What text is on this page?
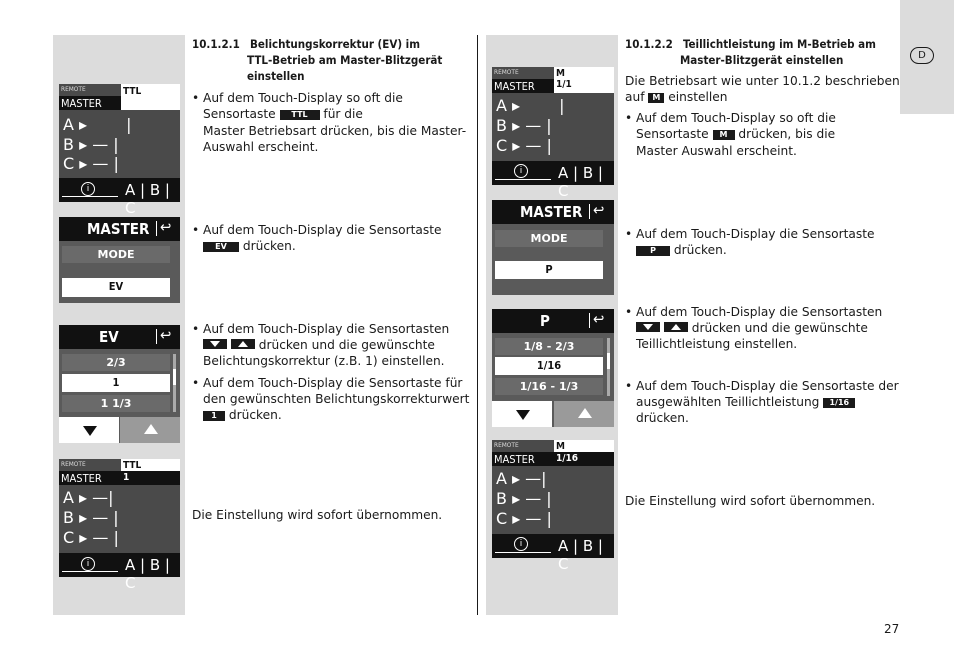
D
REMOTE
MASTER
TTL
A ▸ |
B ▸ — |
C ▸ — |
i	A | B | C
MASTER ↩
MODE
EV
EV	↩
2/3
1
1 1/3
REMOTE
MASTER
TTL
1
A ▸ —|
B ▸ — |
C ▸ — |
i	A | B | C
REMOTE
MASTER
M
1/1
A ▸ |
B ▸ — |
C ▸ — |
i	A | B | C
MASTER ↩
MODE
P
P	↩
1/8 - 2/3
1/16
1/16 - 1/3
REMOTE
MASTER
M
1/16
A ▸ —|
B ▸ — |
C ▸ — |
i	A | B | C
10.1.2.1 Belichtungskorrektur (EV) im
TTL-Betrieb am Master-Blitzgerät
einstellen
• Auf dem Touch-Display so oft die
Sensortaste TTL für die
Master Betriebsart drücken, bis die Master-
Auswahl erscheint.
• Auf dem Touch-Display die Sensortaste
EV drücken.
• Auf dem Touch-Display die Sensortasten
drücken und die gewünschte
Belichtungskorrektur (z.B. 1) einstellen.
• Auf dem Touch-Display die Sensortaste für
den gewünschten Belichtungskorrekturwert
1 drücken.
Die Einstellung wird sofort übernommen.
10.1.2.2 Teillichtleistung im M-Betrieb am
Master-Blitzgerät einstellen
Die Betriebsart wie unter 10.1.2 beschrieben
auf M einstellen
• Auf dem Touch-Display so oft die
Sensortaste M drücken, bis die
Master Auswahl erscheint.
• Auf dem Touch-Display die Sensortaste
P drücken.
• Auf dem Touch-Display die Sensortasten
drücken und die gewünschte
Teillichtleistung einstellen.
• Auf dem Touch-Display die Sensortaste der
ausgewählten Teillichtleistung 1/16
drücken.
Die Einstellung wird sofort übernommen.
27
